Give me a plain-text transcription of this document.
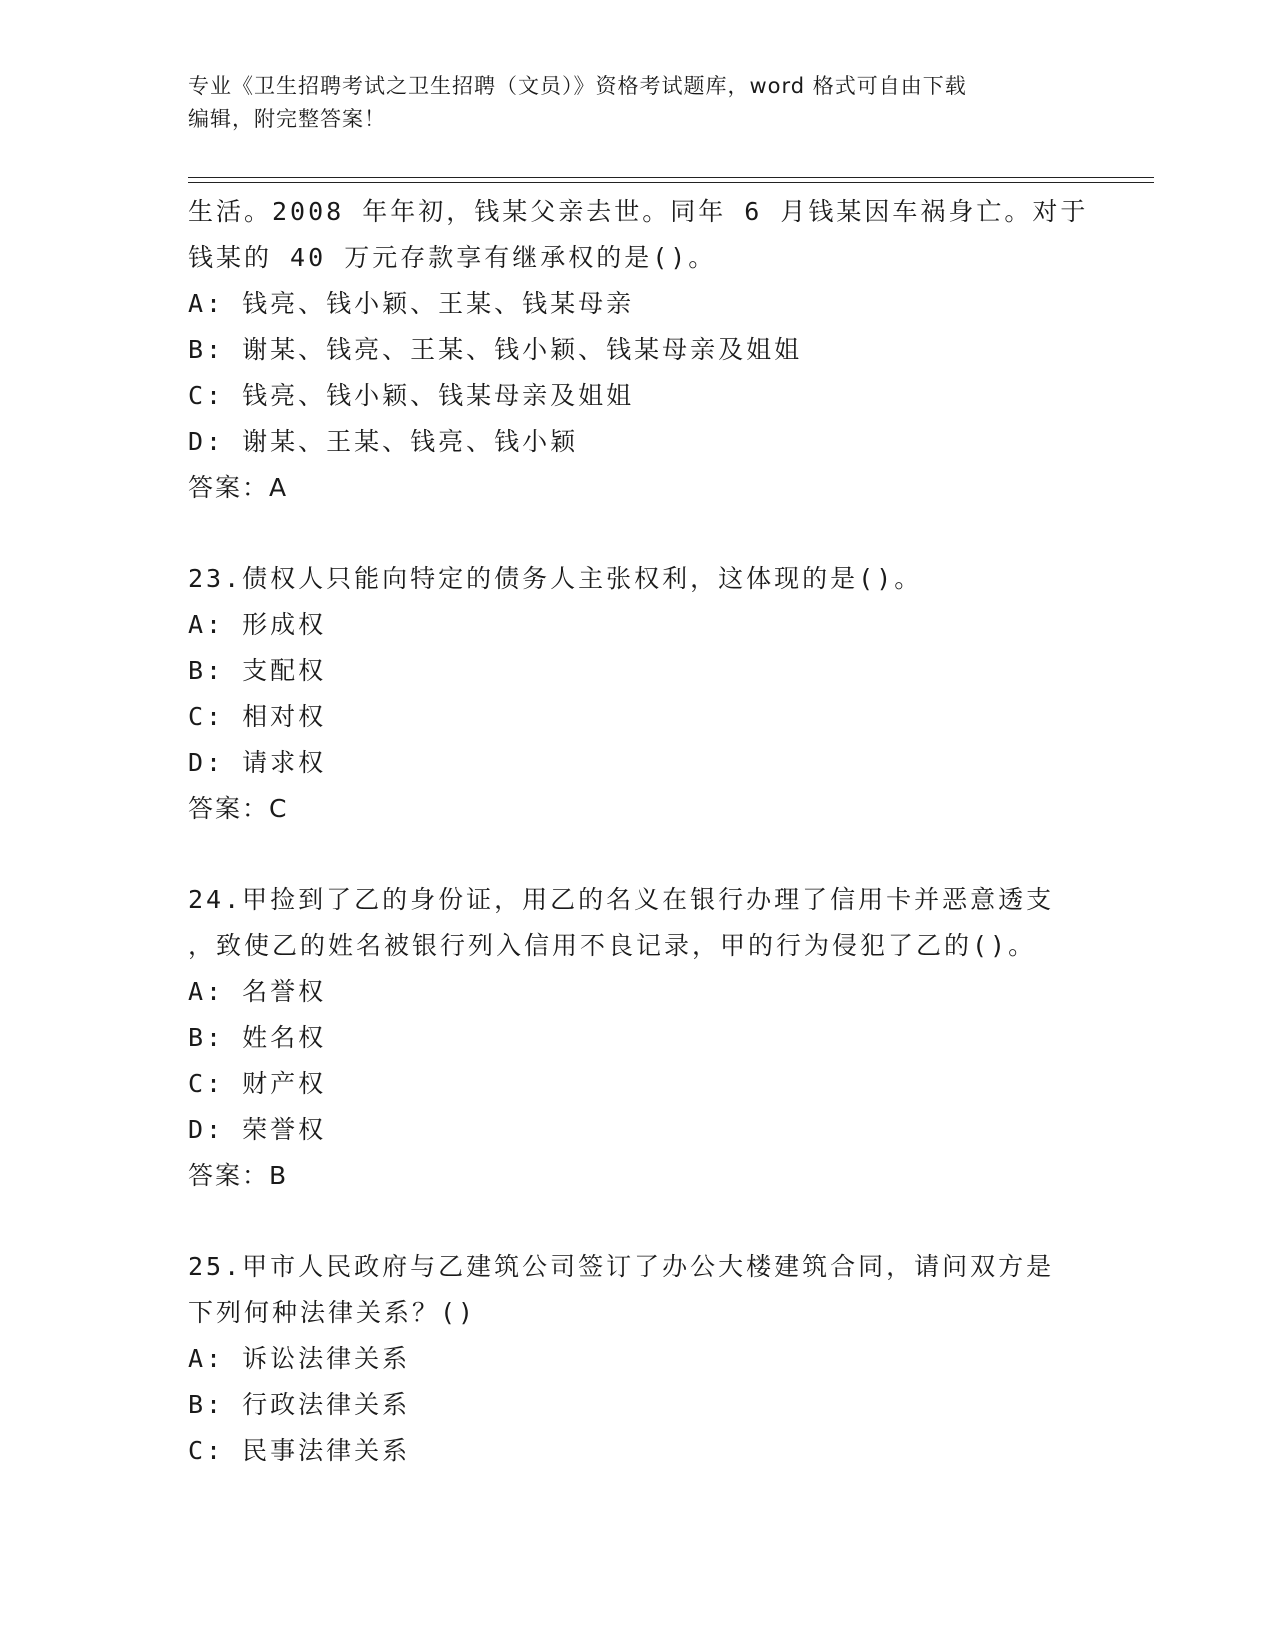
专业《卫生招聘考试之卫生招聘（文员）》资格考试题库，word 格式可自由下载
编辑，附完整答案！
生活。2008 年年初，钱某父亲去世。同年 6 月钱某因车祸身亡。对于
钱某的 40 万元存款享有继承权的是()。
A: 钱亮、钱小颖、王某、钱某母亲
B: 谢某、钱亮、王某、钱小颖、钱某母亲及姐姐
C: 钱亮、钱小颖、钱某母亲及姐姐
D: 谢某、王某、钱亮、钱小颖
答案：A
23.债权人只能向特定的债务人主张权利，这体现的是()。
A: 形成权
B: 支配权
C: 相对权
D: 请求权
答案：C
24.甲捡到了乙的身份证，用乙的名义在银行办理了信用卡并恶意透支
，致使乙的姓名被银行列入信用不良记录，甲的行为侵犯了乙的()。
A: 名誉权
B: 姓名权
C: 财产权
D: 荣誉权
答案：B
25.甲市人民政府与乙建筑公司签订了办公大楼建筑合同，请问双方是
下列何种法律关系？()
A: 诉讼法律关系
B: 行政法律关系
C: 民事法律关系
